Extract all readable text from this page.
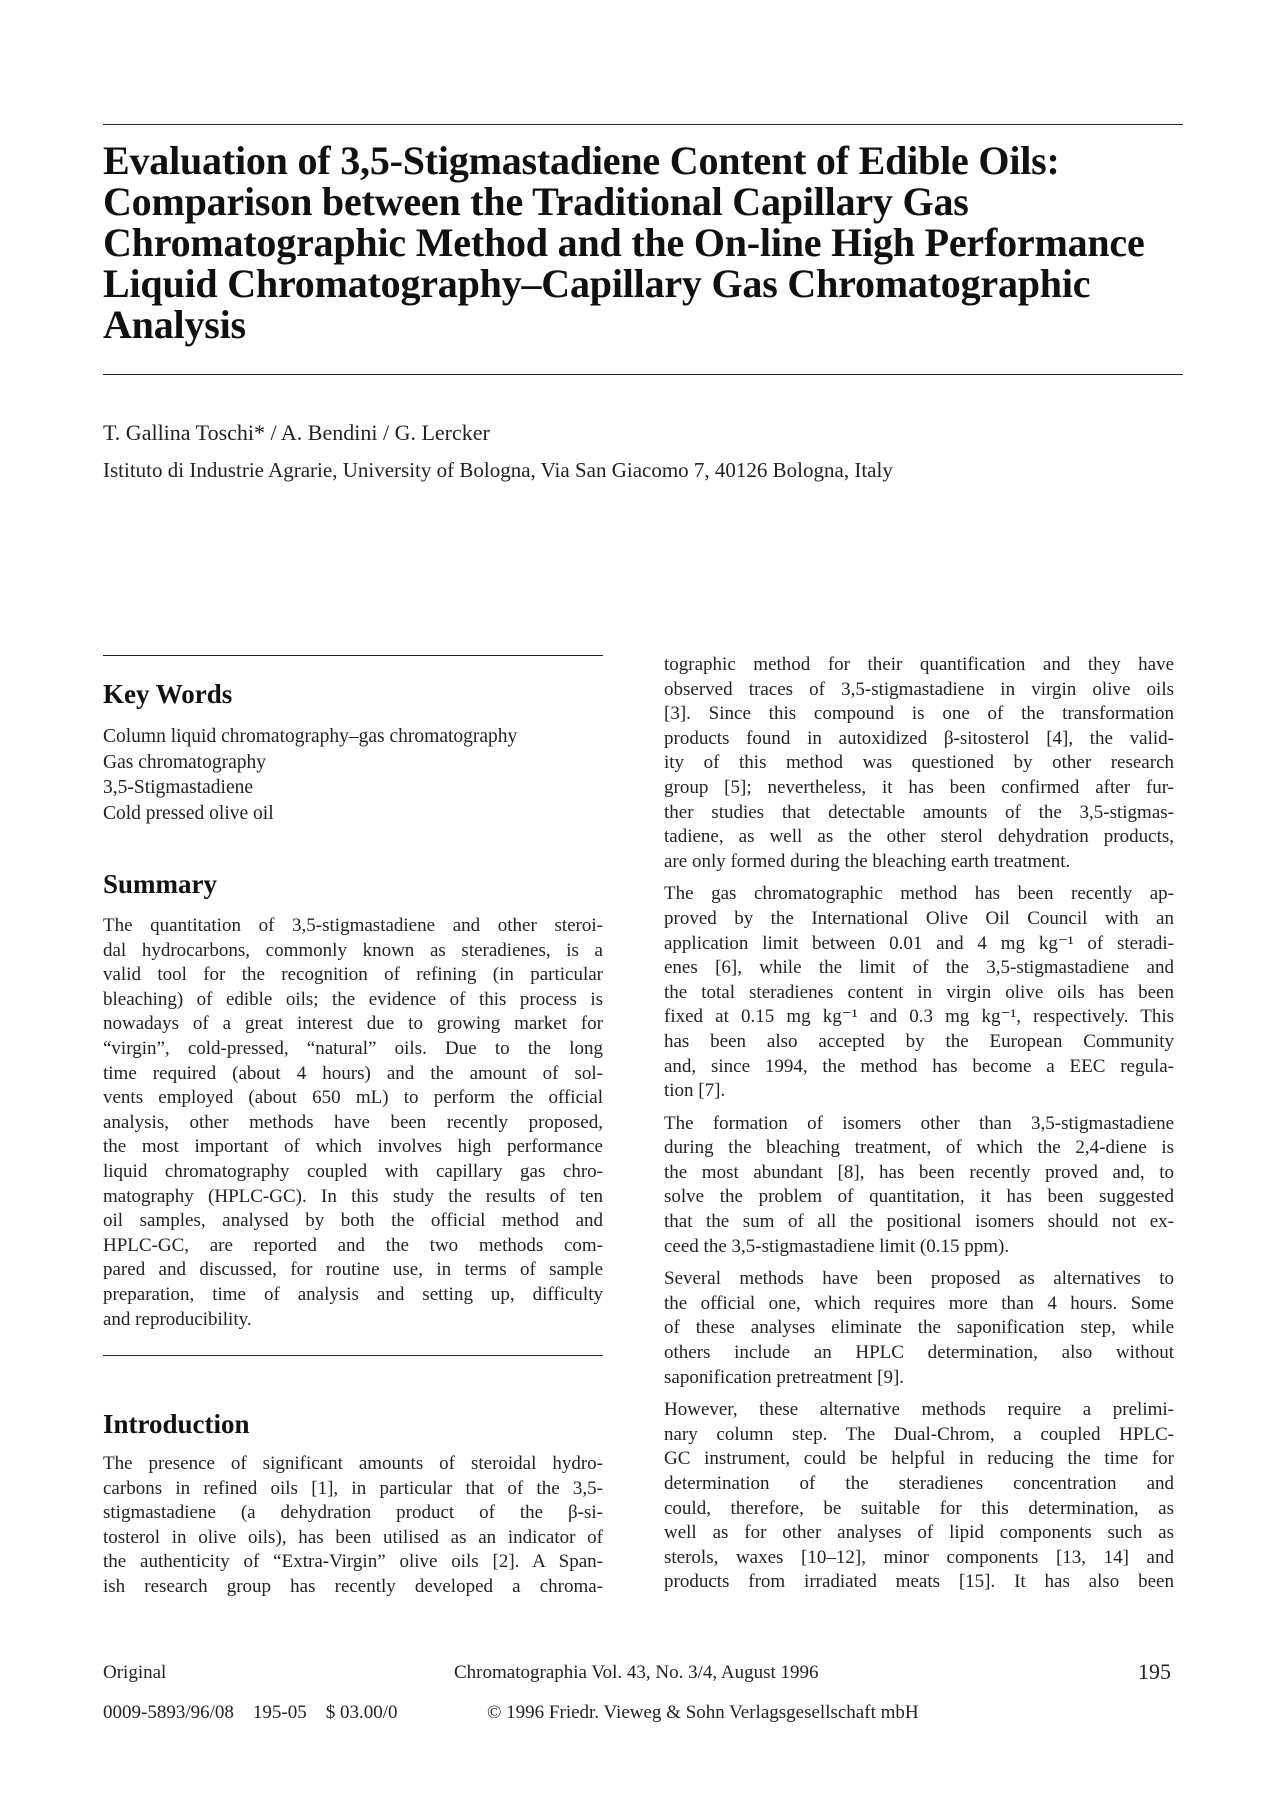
Evaluation of 3,5-Stigmastadiene Content of Edible Oils:
Comparison between the Traditional Capillary Gas
Chromatographic Method and the On-line High Performance
Liquid Chromatography–Capillary Gas Chromatographic
Analysis
T. Gallina Toschi* / A. Bendini / G. Lercker
Istituto di Industrie Agrarie, University of Bologna, Via San Giacomo 7, 40126 Bologna, Italy
Key Words
Column liquid chromatography–gas chromatography
Gas chromatography
3,5-Stigmastadiene
Cold pressed olive oil
Summary
The quantitation of 3,5-stigmastadiene and other steroi-
dal hydrocarbons, commonly known as steradienes, is a
valid tool for the recognition of refining (in particular
bleaching) of edible oils; the evidence of this process is
nowadays of a great interest due to growing market for
“virgin”, cold-pressed, “natural” oils. Due to the long
time required (about 4 hours) and the amount of sol-
vents employed (about 650 mL) to perform the official
analysis, other methods have been recently proposed,
the most important of which involves high performance
liquid chromatography coupled with capillary gas chro-
matography (HPLC-GC). In this study the results of ten
oil samples, analysed by both the official method and
HPLC-GC, are reported and the two methods com-
pared and discussed, for routine use, in terms of sample
preparation, time of analysis and setting up, difficulty
and reproducibility.
Introduction
The presence of significant amounts of steroidal hydro-
carbons in refined oils [1], in particular that of the 3,5-
stigmastadiene (a dehydration product of the β-si-
tosterol in olive oils), has been utilised as an indicator of
the authenticity of “Extra-Virgin” olive oils [2]. A Span-
ish research group has recently developed a chroma-
tographic method for their quantification and they have
observed traces of 3,5-stigmastadiene in virgin olive oils
[3]. Since this compound is one of the transformation
products found in autoxidized β-sitosterol [4], the valid-
ity of this method was questioned by other research
group [5]; nevertheless, it has been confirmed after fur-
ther studies that detectable amounts of the 3,5-stigmas-
tadiene, as well as the other sterol dehydration products,
are only formed during the bleaching earth treatment.
The gas chromatographic method has been recently ap-
proved by the International Olive Oil Council with an
application limit between 0.01 and 4 mg kg⁻¹ of steradi-
enes [6], while the limit of the 3,5-stigmastadiene and
the total steradienes content in virgin olive oils has been
fixed at 0.15 mg kg⁻¹ and 0.3 mg kg⁻¹, respectively. This
has been also accepted by the European Community
and, since 1994, the method has become a EEC regula-
tion [7].
The formation of isomers other than 3,5-stigmastadiene
during the bleaching treatment, of which the 2,4-diene is
the most abundant [8], has been recently proved and, to
solve the problem of quantitation, it has been suggested
that the sum of all the positional isomers should not ex-
ceed the 3,5-stigmastadiene limit (0.15 ppm).
Several methods have been proposed as alternatives to
the official one, which requires more than 4 hours. Some
of these analyses eliminate the saponification step, while
others include an HPLC determination, also without
saponification pretreatment [9].
However, these alternative methods require a prelimi-
nary column step. The Dual-Chrom, a coupled HPLC-
GC instrument, could be helpful in reducing the time for
determination of the steradienes concentration and
could, therefore, be suitable for this determination, as
well as for other analyses of lipid components such as
sterols, waxes [10–12], minor components [13, 14] and
products from irradiated meats [15]. It has also been
Original	Chromatographia Vol. 43, No. 3/4, August 1996	195
0009-5893/96/08    195-05    $ 03.00/0	© 1996 Friedr. Vieweg & Sohn Verlagsgesellschaft mbH
